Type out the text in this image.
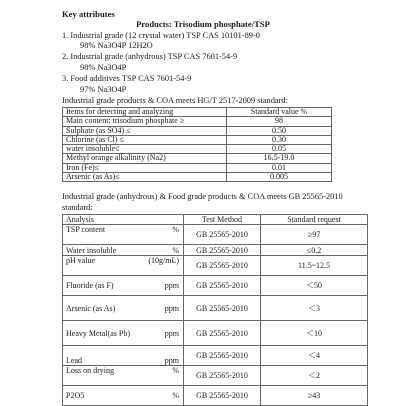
Key attributes
Products: Trisodium phosphate/TSP
1. Industrial grade (12 crystal water) TSP CAS 10101-89-0
98% Na3O4P 12H2O
2. Industrial grade (anhydrous) TSP CAS 7601-54-9
98% Na3O4P
3. Food additives TSP CAS 7601-54-9
97% Na3O4P
Industrial grade products & COA meets HG/T 2517-2009 standard:
Items for detecting and analyzing	Standard value %
Main content: trisodium phosphate ≥	98
Sulphate (as SO4) ≤	0.50
Chlorine (as Cl) ≤	0.30
water insoluble≤	0.05
Methyl orange alkalinity (Na2)	16.5-19.0
Iron (Fe)≤	0.01
Arsenic (as As)≤	0.005
Industrial grade (anhydrous) & Food grade products & COA meets GB 25565-2010
standard:
Analysis	Test Method	Standard request
TSP content %	GB 25565-2010	≥97
Water insoluble %	GB 25565-2010	≤0.2
pH value (10g/mL)	GB 25565-2010	11.5~12.5
Fluoride (as F) ppm	GB 25565-2010	＜50
Arsenic (as As) ppm	GB 25565-2010	＜3
Heavy Metal(as Pb) ppm	GB 25565-2010	＜10
Lead ppm	GB 25565-2010	＜4
Loss on drying %	GB 25565-2010	＜2
P2O5 %	GB 25565-2010	≥43
